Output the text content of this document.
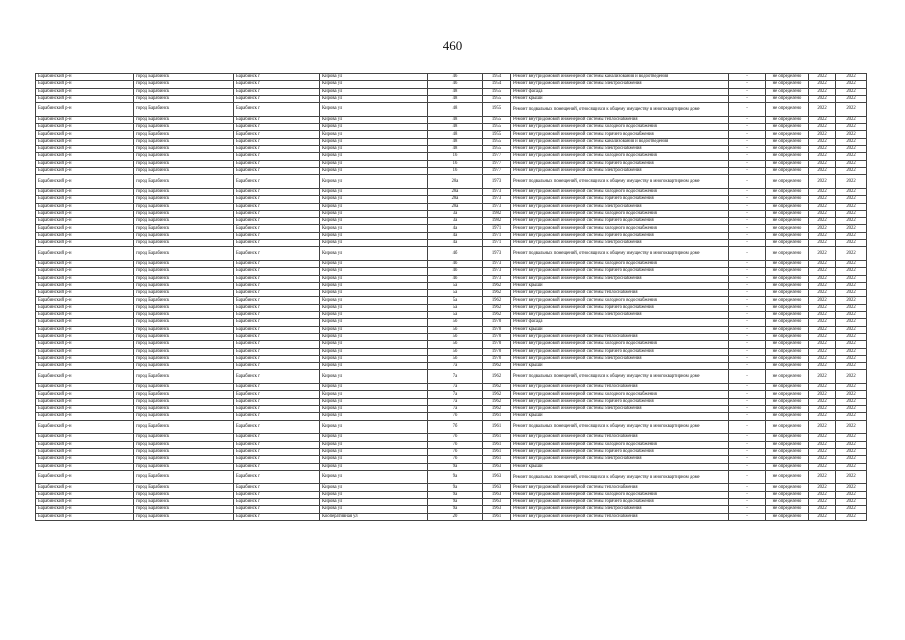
460
Барабинский р-н	город Барабинск	Барабинск г	Кирова ул	46	1954	Ремонт внутридомовой инженерной системы канализования и водоотведения	-	не определено	2022	2022
Барабинский р-н	город Барабинск	Барабинск г	Кирова ул	46	1954	Ремонт внутридомовой инженерной системы электроснабжения	-	не определено	2022	2022
Барабинский р-н	город Барабинск	Барабинск г	Кирова ул	48	1955	Ремонт фасада	-	не определено	2022	2022
Барабинский р-н	город Барабинск	Барабинск г	Кирова ул	48	1955	Ремонт крыши	-	не определено	2022	2022
Барабинский р-н	город Барабинск	Барабинск г	Кирова ул	48	1955	Ремонт подвальных помещений, относящихся к общему имуществу в многоквартирном доме	-	не определено	2022	2022
Барабинский р-н	город Барабинск	Барабинск г	Кирова ул	48	1955	Ремонт внутридомовой инженерной системы теплоснабжения	-	не определено	2022	2022
Барабинский р-н	город Барабинск	Барабинск г	Кирова ул	48	1955	Ремонт внутридомовой инженерной системы холодного водоснабжения	-	не определено	2022	2022
Барабинский р-н	город Барабинск	Барабинск г	Кирова ул	48	1955	Ремонт внутридомовой инженерной системы горячего водоснабжения	-	не определено	2022	2022
Барабинский р-н	город Барабинск	Барабинск г	Кирова ул	48	1955	Ремонт внутридомовой инженерной системы канализования и водоотведения	-	не определено	2022	2022
Барабинский р-н	город Барабинск	Барабинск г	Кирова ул	48	1955	Ремонт внутридомовой инженерной системы электроснабжения	-	не определено	2022	2022
Барабинский р-н	город Барабинск	Барабинск г	Кирова ул	16	1977	Ремонт внутридомовой инженерной системы холодного водоснабжения	-	не определено	2022	2022
Барабинский р-н	город Барабинск	Барабинск г	Кирова ул	16	1977	Ремонт внутридомовой инженерной системы горячего водоснабжения	-	не определено	2022	2022
Барабинский р-н	город Барабинск	Барабинск г	Кирова ул	16	1977	Ремонт внутридомовой инженерной системы электроснабжения	-	не определено	2022	2022
Барабинский р-н	город Барабинск	Барабинск г	Кирова ул	28а	1973	Ремонт подвальных помещений, относящихся к общему имуществу в многоквартирном доме	-	не определено	2022	2022
Барабинский р-н	город Барабинск	Барабинск г	Кирова ул	28а	1973	Ремонт внутридомовой инженерной системы холодного водоснабжения	-	не определено	2022	2022
Барабинский р-н	город Барабинск	Барабинск г	Кирова ул	28а	1973	Ремонт внутридомовой инженерной системы горячего водоснабжения	-	не определено	2022	2022
Барабинский р-н	город Барабинск	Барабинск г	Кирова ул	28а	1973	Ремонт внутридомовой инженерной системы электроснабжения	-	не определено	2022	2022
Барабинский р-н	город Барабинск	Барабинск г	Кирова ул	3а	1982	Ремонт внутридомовой инженерной системы холодного водоснабжения	-	не определено	2022	2022
Барабинский р-н	город Барабинск	Барабинск г	Кирова ул	3а	1982	Ремонт внутридомовой инженерной системы горячего водоснабжения	-	не определено	2022	2022
Барабинский р-н	город Барабинск	Барабинск г	Кирова ул	4а	1971	Ремонт внутридомовой инженерной системы холодного водоснабжения	-	не определено	2022	2022
Барабинский р-н	город Барабинск	Барабинск г	Кирова ул	4а	1971	Ремонт внутридомовой инженерной системы горячего водоснабжения	-	не определено	2022	2022
Барабинский р-н	город Барабинск	Барабинск г	Кирова ул	4а	1971	Ремонт внутридомовой инженерной системы электроснабжения	-	не определено	2022	2022
Барабинский р-н	город Барабинск	Барабинск г	Кирова ул	4б	1973	Ремонт подвальных помещений, относящихся к общему имуществу в многоквартирном доме	-	не определено	2022	2022
Барабинский р-н	город Барабинск	Барабинск г	Кирова ул	4б	1973	Ремонт внутридомовой инженерной системы холодного водоснабжения	-	не определено	2022	2022
Барабинский р-н	город Барабинск	Барабинск г	Кирова ул	4б	1973	Ремонт внутридомовой инженерной системы горячего водоснабжения	-	не определено	2022	2022
Барабинский р-н	город Барабинск	Барабинск г	Кирова ул	4б	1973	Ремонт внутридомовой инженерной системы электроснабжения	-	не определено	2022	2022
Барабинский р-н	город Барабинск	Барабинск г	Кирова ул	5а	1962	Ремонт крыши	-	не определено	2022	2022
Барабинский р-н	город Барабинск	Барабинск г	Кирова ул	5а	1962	Ремонт внутридомовой инженерной системы теплоснабжения	-	не определено	2022	2022
Барабинский р-н	город Барабинск	Барабинск г	Кирова ул	5а	1962	Ремонт внутридомовой инженерной системы холодного водоснабжения	-	не определено	2022	2022
Барабинский р-н	город Барабинск	Барабинск г	Кирова ул	5а	1962	Ремонт внутридомовой инженерной системы горячего водоснабжения	-	не определено	2022	2022
Барабинский р-н	город Барабинск	Барабинск г	Кирова ул	5а	1962	Ремонт внутридомовой инженерной системы электроснабжения	-	не определено	2022	2022
Барабинский р-н	город Барабинск	Барабинск г	Кирова ул	5б	1970	Ремонт фасада	-	не определено	2022	2022
Барабинский р-н	город Барабинск	Барабинск г	Кирова ул	5б	1970	Ремонт крыши	-	не определено	2022	2022
Барабинский р-н	город Барабинск	Барабинск г	Кирова ул	5б	1970	Ремонт внутридомовой инженерной системы теплоснабжения	-	не определено	2022	2022
Барабинский р-н	город Барабинск	Барабинск г	Кирова ул	5б	1970	Ремонт внутридомовой инженерной системы холодного водоснабжения	-	не определено	2022	2022
Барабинский р-н	город Барабинск	Барабинск г	Кирова ул	5б	1970	Ремонт внутридомовой инженерной системы горячего водоснабжения	-	не определено	2022	2022
Барабинский р-н	город Барабинск	Барабинск г	Кирова ул	5б	1970	Ремонт внутридомовой инженерной системы электроснабжения	-	не определено	2022	2022
Барабинский р-н	город Барабинск	Барабинск г	Кирова ул	7а	1962	Ремонт крыши	-	не определено	2022	2022
Барабинский р-н	город Барабинск	Барабинск г	Кирова ул	7а	1962	Ремонт подвальных помещений, относящихся к общему имуществу в многоквартирном доме	-	не определено	2022	2022
Барабинский р-н	город Барабинск	Барабинск г	Кирова ул	7а	1962	Ремонт внутридомовой инженерной системы теплоснабжения	-	не определено	2022	2022
Барабинский р-н	город Барабинск	Барабинск г	Кирова ул	7а	1962	Ремонт внутридомовой инженерной системы холодного водоснабжения	-	не определено	2022	2022
Барабинский р-н	город Барабинск	Барабинск г	Кирова ул	7а	1962	Ремонт внутридомовой инженерной системы горячего водоснабжения	-	не определено	2022	2022
Барабинский р-н	город Барабинск	Барабинск г	Кирова ул	7а	1962	Ремонт внутридомовой инженерной системы электроснабжения	-	не определено	2022	2022
Барабинский р-н	город Барабинск	Барабинск г	Кирова ул	7б	1961	Ремонт крыши	-	не определено	2022	2022
Барабинский р-н	город Барабинск	Барабинск г	Кирова ул	7б	1961	Ремонт подвальных помещений, относящихся к общему имуществу в многоквартирном доме	-	не определено	2022	2022
Барабинский р-н	город Барабинск	Барабинск г	Кирова ул	7б	1961	Ремонт внутридомовой инженерной системы теплоснабжения	-	не определено	2022	2022
Барабинский р-н	город Барабинск	Барабинск г	Кирова ул	7б	1961	Ремонт внутридомовой инженерной системы холодного водоснабжения	-	не определено	2022	2022
Барабинский р-н	город Барабинск	Барабинск г	Кирова ул	7б	1961	Ремонт внутридомовой инженерной системы горячего водоснабжения	-	не определено	2022	2022
Барабинский р-н	город Барабинск	Барабинск г	Кирова ул	7б	1961	Ремонт внутридомовой инженерной системы электроснабжения	-	не определено	2022	2022
Барабинский р-н	город Барабинск	Барабинск г	Кирова ул	9а	1963	Ремонт крыши	-	не определено	2022	2022
Барабинский р-н	город Барабинск	Барабинск г	Кирова ул	9а	1963	Ремонт подвальных помещений, относящихся к общему имуществу в многоквартирном доме	-	не определено	2022	2022
Барабинский р-н	город Барабинск	Барабинск г	Кирова ул	9а	1963	Ремонт внутридомовой инженерной системы теплоснабжения	-	не определено	2022	2022
Барабинский р-н	город Барабинск	Барабинск г	Кирова ул	9а	1963	Ремонт внутридомовой инженерной системы холодного водоснабжения	-	не определено	2022	2022
Барабинский р-н	город Барабинск	Барабинск г	Кирова ул	9а	1963	Ремонт внутридомовой инженерной системы горячего водоснабжения	-	не определено	2022	2022
Барабинский р-н	город Барабинск	Барабинск г	Кирова ул	9а	1963	Ремонт внутридомовой инженерной системы электроснабжения	-	не определено	2022	2022
Барабинский р-н	город Барабинск	Барабинск г	Кооперативная ул	20	1961	Ремонт внутридомовой инженерной системы теплоснабжения	-	не определено	2022	2022
